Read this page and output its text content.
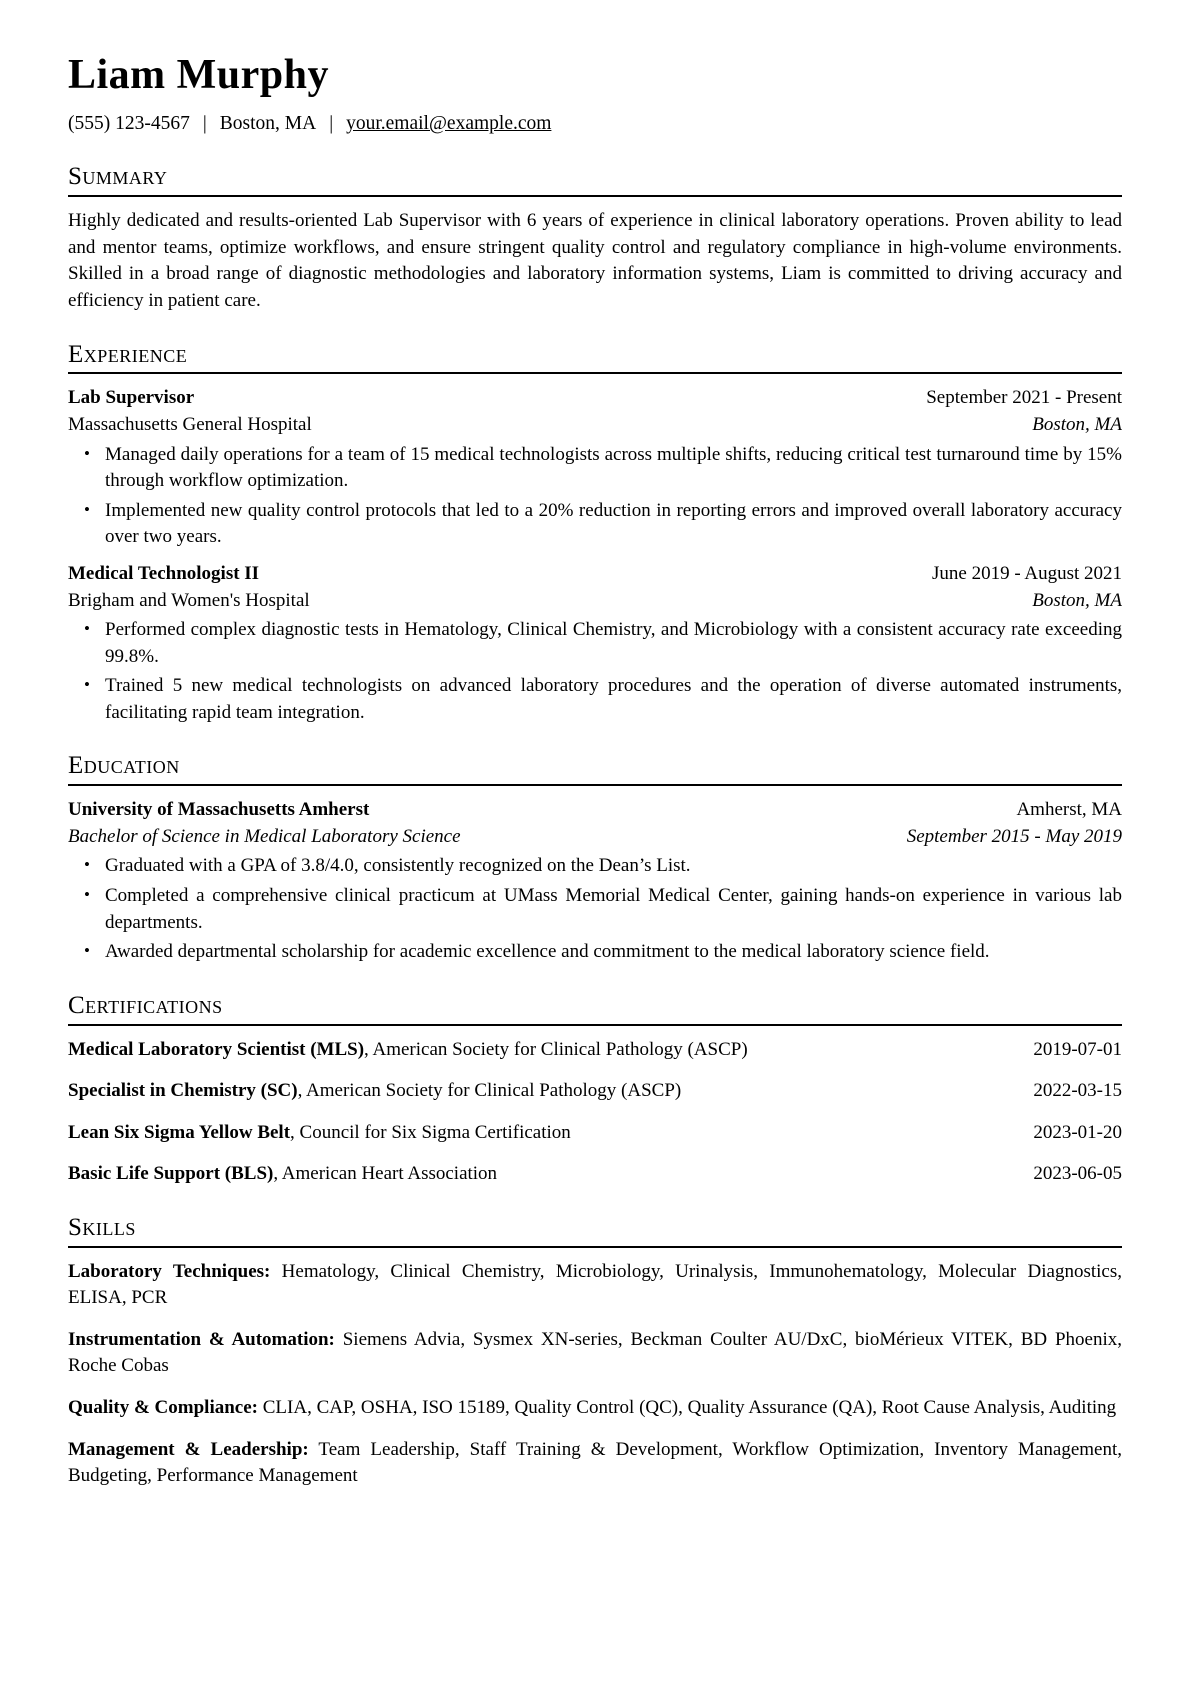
Liam Murphy
(555) 123-4567 | Boston, MA | your.email@example.com
Summary

Highly dedicated and results-oriented Lab Supervisor with 6 years of experience in clinical laboratory operations. Proven ability to lead and mentor teams, optimize workflows, and ensure stringent quality control and regulatory compliance in high-volume environments. Skilled in a broad range of diagnostic methodologies and laboratory information systems, Liam is committed to driving accuracy and efficiency in patient care.

Experience
Lab Supervisor	September 2021 - Present
Massachusetts General Hospital	Boston, MA
• Managed daily operations for a team of 15 medical technologists across multiple shifts, reducing critical test turnaround time by 15% through workflow optimization.
• Implemented new quality control protocols that led to a 20% reduction in reporting errors and improved overall laboratory accuracy over two years.
Medical Technologist II	June 2019 - August 2021
Brigham and Women's Hospital	Boston, MA
• Performed complex diagnostic tests in Hematology, Clinical Chemistry, and Microbiology with a consistent accuracy rate exceeding 99.8%.
• Trained 5 new medical technologists on advanced laboratory procedures and the operation of diverse automated instruments, facilitating rapid team integration.
Education
University of Massachusetts Amherst	Amherst, MA
Bachelor of Science in Medical Laboratory Science	September 2015 - May 2019
• Graduated with a GPA of 3.8/4.0, consistently recognized on the Dean’s List.
• Completed a comprehensive clinical practicum at UMass Memorial Medical Center, gaining hands-on experience in various lab departments.
• Awarded departmental scholarship for academic excellence and commitment to the medical laboratory science field.
Certifications
Medical Laboratory Scientist (MLS), American Society for Clinical Pathology (ASCP)	2019-07-01
Specialist in Chemistry (SC), American Society for Clinical Pathology (ASCP)	2022-03-15
Lean Six Sigma Yellow Belt, Council for Six Sigma Certification	2023-01-20
Basic Life Support (BLS), American Heart Association	2023-06-05
Skills

Laboratory Techniques: Hematology, Clinical Chemistry, Microbiology, Urinalysis, Immunohematology, Molecular Diagnostics, ELISA, PCR

Instrumentation & Automation: Siemens Advia, Sysmex XN-series, Beckman Coulter AU/DxC, bioMérieux VITEK, BD Phoenix, Roche Cobas

Quality & Compliance: CLIA, CAP, OSHA, ISO 15189, Quality Control (QC), Quality Assurance (QA), Root Cause Analysis, Auditing

Management & Leadership: Team Leadership, Staff Training & Development, Workflow Optimization, Inventory Management, Budgeting, Performance Management
